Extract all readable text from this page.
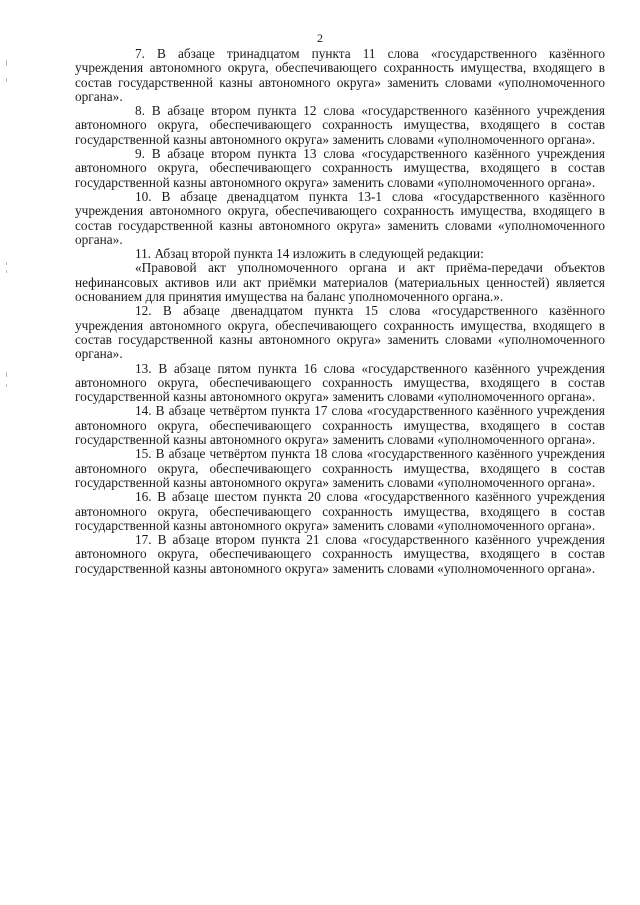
2

7. В абзаце тринадцатом пункта 11 слова «государственного казённого учреждения автономного округа, обеспечивающего сохранность имущества, входящего в состав государственной казны автономного округа» заменить словами «уполномоченного органа».

8. В абзаце втором пункта 12 слова «государственного казённого учреждения автономного округа, обеспечивающего сохранность имущества, входящего в состав государственной казны автономного округа» заменить словами «уполномоченного органа».

9. В абзаце втором пункта 13 слова «государственного казённого учреждения автономного округа, обеспечивающего сохранность имущества, входящего в состав государственной казны автономного округа» заменить словами «уполномоченного органа».

10. В абзаце двенадцатом пункта 13-1 слова «государственного казённого учреждения автономного округа, обеспечивающего сохранность имущества, входящего в состав государственной казны автономного округа» заменить словами «уполномоченного органа».

11. Абзац второй пункта 14 изложить в следующей редакции:

«Правовой акт уполномоченного органа и акт приёма-передачи объектов нефинансовых активов или акт приёмки материалов (материальных ценностей) является основанием для принятия имущества на баланс уполномоченного органа.».

12. В абзаце двенадцатом пункта 15 слова «государственного казённого учреждения автономного округа, обеспечивающего сохранность имущества, входящего в состав государственной казны автономного округа» заменить словами «уполномоченного органа».

13. В абзаце пятом пункта 16 слова «государственного казённого учреждения автономного округа, обеспечивающего сохранность имущества, входящего в состав государственной казны автономного округа» заменить словами «уполномоченного органа».

14. В абзаце четвёртом пункта 17 слова «государственного казённого учреждения автономного округа, обеспечивающего сохранность имущества, входящего в состав государственной казны автономного округа» заменить словами «уполномоченного органа».

15. В абзаце четвёртом пункта 18 слова «государственного казённого учреждения автономного округа, обеспечивающего сохранность имущества, входящего в состав государственной казны автономного округа» заменить словами «уполномоченного органа».

16. В абзаце шестом пункта 20 слова «государственного казённого учреждения автономного округа, обеспечивающего сохранность имущества, входящего в состав государственной казны автономного округа» заменить словами «уполномоченного органа».

17. В абзаце втором пункта 21 слова «государственного казённого учреждения автономного округа, обеспечивающего сохранность имущества, входящего в состав государственной казны автономного округа» заменить словами «уполномоченного органа».
